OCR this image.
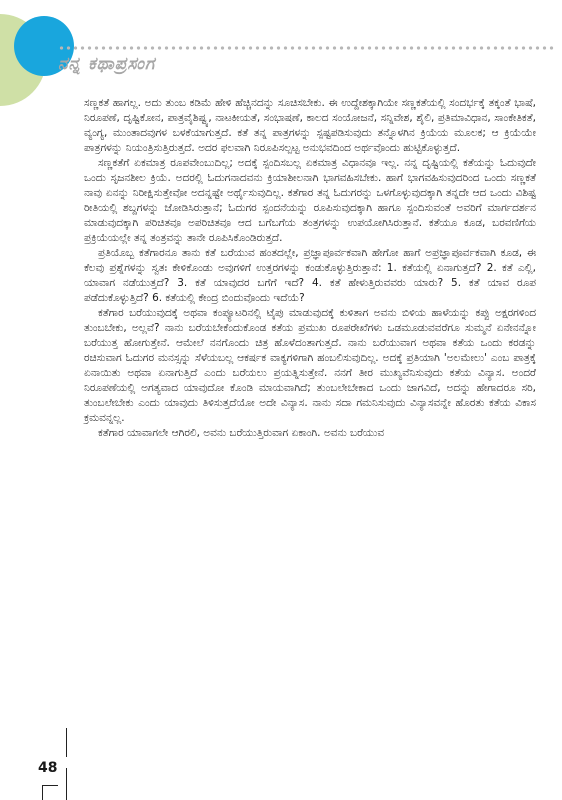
ನನ್ನ ಕಥಾಪ್ರಸಂಗ

ಸಣ್ಣಕತೆ ಹಾಗಲ್ಲ. ಅದು ತುಂಬ ಕಡಿಮೆ ಹೇಳಿ ಹೆಚ್ಚಿನದನ್ನು ಸೂಚಿಸಬೇಕು. ಈ ಉದ್ದೇಶಕ್ಕಾಗಿಯೇ ಸಣ್ಣಕತೆಯಲ್ಲಿ ಸಂದರ್ಭಕ್ಕೆ ತಕ್ಕಂತೆ ಭಾಷೆ, ನಿರೂಪಣೆ, ದೃಷ್ಟಿಕೋನ, ಪಾತ್ರವೈಶಿಷ್ಟ್ಯ, ನಾಟಕೀಯತೆ, ಸಂಭಾಷಣೆ, ಕಾಲದ ಸಂಯೋಜನೆ, ಸನ್ನಿವೇಶ, ಶೈಲಿ, ಪ್ರತಿಮಾವಿಧಾನ, ಸಾಂಕೇತಿಕತೆ, ವ್ಯಂಗ್ಯ, ಮುಂತಾದವುಗಳ ಬಳಕೆಯಾಗುತ್ತದೆ. ಕತೆ ತನ್ನ ಪಾತ್ರಗಳನ್ನು ಸ್ಪಷ್ಟಪಡಿಸುವುದು ತನ್ನೊಳಗಿನ ಕ್ರಿಯೆಯ ಮೂಲಕ; ಆ ಕ್ರಿಯೆಯೇ ಪಾತ್ರಗಳನ್ನು ನಿಯಂತ್ರಿಸುತ್ತಿರುತ್ತದೆ. ಅದರ ಫಲವಾಗಿ ನಿರೂಪಿಸಲ್ಪಟ್ಟ ಅನುಭವದಿಂದ ಅರ್ಥವೊಂದು ಹುಟ್ಟಿಕೊಳ್ಳುತ್ತದೆ.

ಸಣ್ಣಕತೆಗೆ ಏಕಮಾತ್ರ ರೂಪವೇಂಬುದಿಲ್ಲ; ಅದಕ್ಕೆ ಸ್ಪಂದಿಸಬಲ್ಲ ಏಕಮಾತ್ರ ವಿಧಾನವೂ ಇಲ್ಲ. ನನ್ನ ದೃಷ್ಟಿಯಲ್ಲಿ ಕತೆಯನ್ನು ಓದುವುದೇ ಒಂದು ಸೃಜನಶೀಲ ಕ್ರಿಯೆ. ಅದರಲ್ಲಿ ಓದುಗನಾದವನು ಕ್ರಿಯಾಶೀಲನಾಗಿ ಭಾಗವಹಿಸಬೇಕು. ಹಾಗೆ ಭಾಗವಹಿಸುವುದರಿಂದ ಒಂದು ಸಣ್ಣಕತೆ ನಾವು ಏನನ್ನು ನಿರೀಕ್ಷಿಸುತ್ತೇವೋ ಅದನ್ನಷ್ಟೇ ಅರ್ಥೈಸುವುದಿಲ್ಲ. ಕತೆಗಾರ ತನ್ನ ಓದುಗರನ್ನು ಒಳಗೊಳ್ಳುವುದಕ್ಕಾಗಿ ತನ್ನದೇ ಆದ ಒಂದು ವಿಶಿಷ್ಟ ರೀತಿಯಲ್ಲಿ ಶಬ್ದಗಳನ್ನು ಜೋಡಿಸಿರುತ್ತಾನೆ; ಓದುಗರ ಸ್ಪಂದನೆಯನ್ನು ರೂಪಿಸುವುದಕ್ಕಾಗಿ ಹಾಗೂ ಸ್ಪಂದಿಸುವಂತೆ ಅವರಿಗೆ ಮಾರ್ಗದರ್ಶನ ಮಾಡುವುದಕ್ಕಾಗಿ ಪರಿಚಿತವೂ ಅಪರಿಚಿತವೂ ಆದ ಬಗೆಬಗೆಯ ತಂತ್ರಗಳನ್ನು ಉಪಯೋಗಿಸಿರುತ್ತಾನೆ. ಕತೆಯೂ ಕೂಡ, ಬರವಣಿಗೆಯ ಪ್ರಕ್ರಿಯೆಯಲ್ಲೇ ತನ್ನ ತಂತ್ರವನ್ನು ತಾನೇ ರೂಪಿಸಿಕೊಂಡಿರುತ್ತದೆ.

ಪ್ರತಿಯೊಬ್ಬ ಕತೆಗಾರನೂ ತಾನು ಕತೆ ಬರೆಯುವ ಹಂತದಲ್ಲೇ, ಪ್ರಜ್ಞಾಪೂರ್ವಕವಾಗಿ ಹೇಗೋ ಹಾಗೆ ಅಪ್ರಜ್ಞಾಪೂರ್ವಕವಾಗಿ ಕೂಡ, ಈ ಕೆಲವು ಪ್ರಶ್ನೆಗಳನ್ನು ಸ್ವತಃ ಕೇಳಿಕೊಂಡು ಅವುಗಳಿಗೆ ಉತ್ತರಗಳನ್ನು ಕಂಡುಕೊಳ್ಳುತ್ತಿರುತ್ತಾನೆ: 1. ಕತೆಯಲ್ಲಿ ಏನಾಗುತ್ತದೆ? 2. ಕತೆ ಎಲ್ಲಿ, ಯಾವಾಗ ನಡೆಯುತ್ತದೆ? 3. ಕತೆ ಯಾವುದರ ಬಗೆಗೆ ಇದೆ? 4. ಕತೆ ಹೇಳುತ್ತಿರುವವರು ಯಾರು? 5. ಕತೆ ಯಾವ ರೂಪ ಪಡೆದುಕೊಳ್ಳುತ್ತಿದೆ? 6. ಕತೆಯಲ್ಲಿ ಕೇಂದ್ರ ಬಿಂದುವೊಂದು ಇದೆಯೆ?

ಕತೆಗಾರ ಬರೆಯುವುದಕ್ಕೆ ಅಥವಾ ಕಂಪ್ಯೂಟರಿನಲ್ಲಿ ಟೈಪು ಮಾಡುವುದಕ್ಕೆ ಕುಳಿತಾಗ ಅವನು ಬಿಳಿಯ ಹಾಳೆಯನ್ನು ಕಪ್ಪು ಅಕ್ಷರಗಳಿಂದ ತುಂಬಬೇಕು, ಅಲ್ಲವೆ? ನಾನು ಬರೆಯಬೇಕೆಂದುಕೊಂಡ ಕತೆಯ ಪ್ರಮುಖ ರೂಪರೇಖೆಗಳು ಒಡಮೂಡುವವರೆಗೂ ಸುಮ್ಮನೆ ಏನೇನನ್ನೋ ಬರೆಯುತ್ತ ಹೋಗುತ್ತೇನೆ. ಆಮೇಲೆ ನನಗೊಂದು ಚಿತ್ರ ಹೊಳೆದಂತಾಗುತ್ತದೆ. ನಾನು ಬರೆಯುವಾಗ ಅಥವಾ ಕತೆಯ ಒಂದು ಕರಡನ್ನು ರಚಿಸುವಾಗ ಓದುಗರ ಮನಸ್ಸನ್ನು ಸೆಳೆಯಬಲ್ಲ ಆಕರ್ಷಕ ವಾಕ್ಯಗಳಿಗಾಗಿ ಹಂಬಲಿಸುವುದಿಲ್ಲ. ಅದಕ್ಕೆ ಪ್ರತಿಯಾಗಿ 'ಅಲಮೇಲು' ಎಂಬ ಪಾತ್ರಕ್ಕೆ ಏನಾಯಿತು ಅಥವಾ ಏನಾಗುತ್ತಿದೆ ಎಂದು ಬರೆಯಲು ಪ್ರಯತ್ನಿಸುತ್ತೇನೆ. ನನಗೆ ತೀರ ಮುಖ್ಯವೆನಿಸುವುದು ಕತೆಯ ವಿನ್ಯಾಸ. ಅಂದರೆ ನಿರೂಪಣೆಯಲ್ಲಿ ಅಗತ್ಯವಾದ ಯಾವುದೋ ಕೊಂಡಿ ಮಾಯವಾಗಿದೆ; ತುಂಬಲೇಬೇಕಾದ ಒಂದು ಜಾಗವಿದೆ, ಅದನ್ನು ಹೇಗಾದರೂ ಸರಿ, ತುಂಬಲೇಬೇಕು ಎಂದು ಯಾವುದು ತಿಳಿಸುತ್ತದೆಯೋ ಅದೇ ವಿನ್ಯಾಸ. ನಾನು ಸದಾ ಗಮನಿಸುವುದು ವಿನ್ಯಾಸವನ್ನೇ ಹೊರತು ಕತೆಯ ವಿಕಾಸ ಕ್ರಮವನ್ನಲ್ಲ.

ಕತೆಗಾರ ಯಾವಾಗಲೇ ಆಗಿರಲಿ, ಅವನು ಬರೆಯುತ್ತಿರುವಾಗ ಏಕಾಂಗಿ. ಅವನು ಬರೆಯುವ

48
